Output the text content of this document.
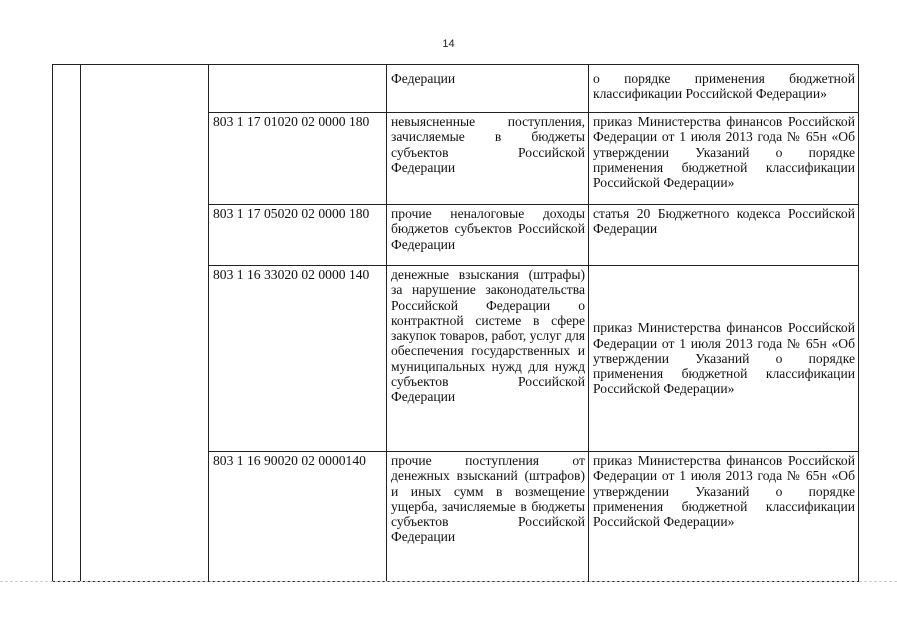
14
			Федерации	о порядке применения бюджетной классификации Российской Федерации»
		803 1 17 01020 02 0000 180	невыясненные поступления, зачисляемые в бюджеты субъектов Российской Федерации	приказ Министерства финансов Российской Федерации от 1 июля 2013 года № 65н «Об утверждении Указаний о порядке применения бюджетной классификации Российской Федерации»
		803 1 17 05020 02 0000 180	прочие неналоговые доходы бюджетов субъектов Российской Федерации	статья 20 Бюджетного кодекса Российской Федерации
		803 1 16 33020 02 0000 140	денежные взыскания (штрафы) за нарушение законодательства Российской Федерации о контрактной системе в сфере закупок товаров, работ, услуг для обеспечения государственных и муниципальных нужд для нужд субъектов Российской Федерации	приказ Министерства финансов Российской Федерации от 1 июля 2013 года № 65н «Об утверждении Указаний о порядке применения бюджетной классификации Российской Федерации»
		803 1 16 90020 02 0000140	прочие поступления от денежных взысканий (штрафов) и иных сумм в возмещение ущерба, зачисляемые в бюджеты субъектов Российской Федерации	приказ Министерства финансов Российской Федерации от 1 июля 2013 года № 65н «Об утверждении Указаний о порядке применения бюджетной классификации Российской Федерации»
